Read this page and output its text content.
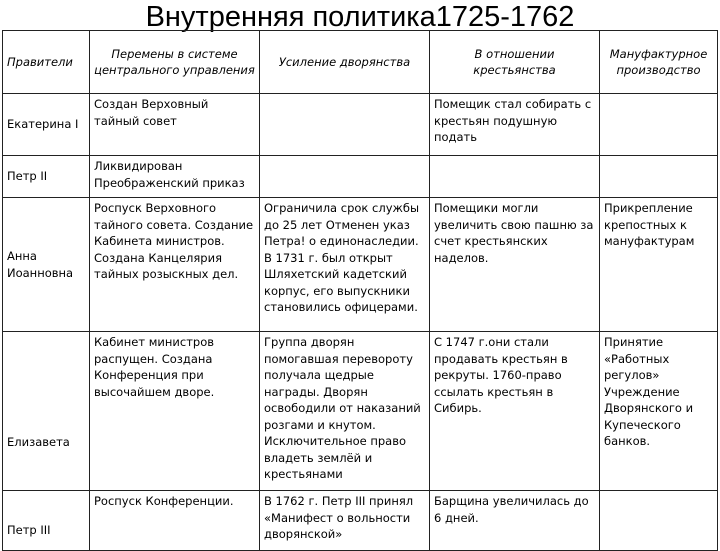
Внутренняя политика1725-1762
Правители	Перемены в системе центрального управления	Усиление дворянства	В отношении крестьянства	Мануфактурное производство
Екатерина I	Создан Верховный тайный совет		Помещик стал собирать с крестьян подушную подать	
Петр II	Ликвидирован Преображенский приказ			
Анна Иоанновна	Роспуск Верховного тайного совета. Создание Кабинета министров. Создана Канцелярия тайных розыскных дел.	Ограничила срок службы до 25 лет Отменен указ Петра! о единонаследии. В 1731 г. был открыт Шляхетский кадетский корпус, его выпускники становились офицерами.	Помещики могли увеличить свою пашню за счет крестьянских наделов.	Прикрепление крепостных к мануфактурам
Елизавета	Кабинет министров распущен. Создана Конференция при высочайшем дворе.	Группа дворян помогавшая перевороту получала щедрые награды. Дворян освободили от наказаний розгами и кнутом. Исключительное право владеть землёй и крестьянами	С 1747 г.они стали продавать крестьян в рекруты. 1760-право ссылать крестьян в Сибирь.	Принятие «Работных регулов» Учреждение Дворянского и Купеческого банков.
Петр III	Роспуск Конференции.	В 1762 г. Петр III принял «Манифест о вольности дворянской»	Барщина увеличилась до 6 дней.	
